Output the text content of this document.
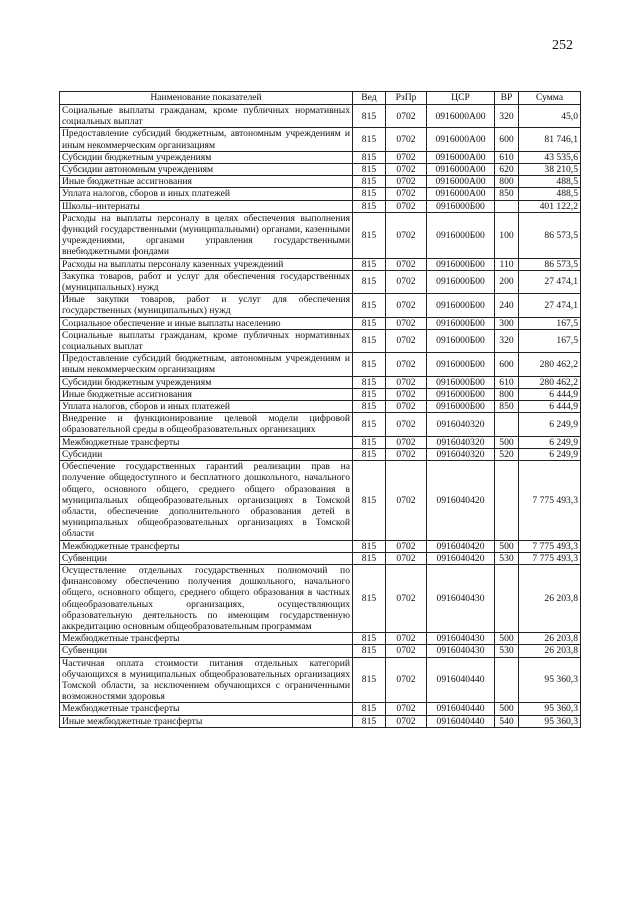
252
Наименование показателей	Вед	РзПр	ЦСР	ВР	Сумма
Социальные выплаты гражданам, кроме публичных нормативных социальных выплат	815	0702	0916000А00	320	45,0
Предоставление субсидий бюджетным, автономным учреждениям и иным некоммерческим организациям	815	0702	0916000А00	600	81 746,1
Субсидии бюджетным учреждениям	815	0702	0916000А00	610	43 535,6
Субсидии автономным учреждениям	815	0702	0916000А00	620	38 210,5
Иные бюджетные ассигнования	815	0702	0916000А00	800	488,5
Уплата налогов, сборов и иных платежей	815	0702	0916000А00	850	488,5
Школы–интернаты	815	0702	0916000Б00		401 122,2
Расходы на выплаты персоналу в целях обеспечения выполнения функций государственными (муниципальными) органами, казенными учреждениями, органами управления государственными внебюджетными фондами	815	0702	0916000Б00	100	86 573,5
Расходы на выплаты персоналу казенных учреждений	815	0702	0916000Б00	110	86 573,5
Закупка товаров, работ и услуг для обеспечения государственных (муниципальных) нужд	815	0702	0916000Б00	200	27 474,1
Иные закупки товаров, работ и услуг для обеспечения государственных (муниципальных) нужд	815	0702	0916000Б00	240	27 474,1
Социальное обеспечение и иные выплаты населению	815	0702	0916000Б00	300	167,5
Социальные выплаты гражданам, кроме публичных нормативных социальных выплат	815	0702	0916000Б00	320	167,5
Предоставление субсидий бюджетным, автономным учреждениям и иным некоммерческим организациям	815	0702	0916000Б00	600	280 462,2
Субсидии бюджетным учреждениям	815	0702	0916000Б00	610	280 462,2
Иные бюджетные ассигнования	815	0702	0916000Б00	800	6 444,9
Уплата налогов, сборов и иных платежей	815	0702	0916000Б00	850	6 444,9
Внедрение и функционирование целевой модели цифровой образовательной среды в общеобразовательных организациях	815	0702	0916040320		6 249,9
Межбюджетные трансферты	815	0702	0916040320	500	6 249,9
Субсидии	815	0702	0916040320	520	6 249,9
Обеспечение государственных гарантий реализации прав на получение общедоступного и бесплатного дошкольного, начального общего, основного общего, среднего общего образования в муниципальных общеобразовательных организациях в Томской области, обеспечение дополнительного образования детей в муниципальных общеобразовательных организациях в Томской области	815	0702	0916040420		7 775 493,3
Межбюджетные трансферты	815	0702	0916040420	500	7 775 493,3
Субвенции	815	0702	0916040420	530	7 775 493,3
Осуществление отдельных государственных полномочий по финансовому обеспечению получения дошкольного, начального общего, основного общего, среднего общего образования в частных общеобразовательных организациях, осуществляющих образовательную деятельность по имеющим государственную аккредитацию основным общеобразовательным программам	815	0702	0916040430		26 203,8
Межбюджетные трансферты	815	0702	0916040430	500	26 203,8
Субвенции	815	0702	0916040430	530	26 203,8
Частичная оплата стоимости питания отдельных категорий обучающихся в муниципальных общеобразовательных организациях Томской области, за исключением обучающихся с ограниченными возможностями здоровья	815	0702	0916040440		95 360,3
Межбюджетные трансферты	815	0702	0916040440	500	95 360,3
Иные межбюджетные трансферты	815	0702	0916040440	540	95 360,3
